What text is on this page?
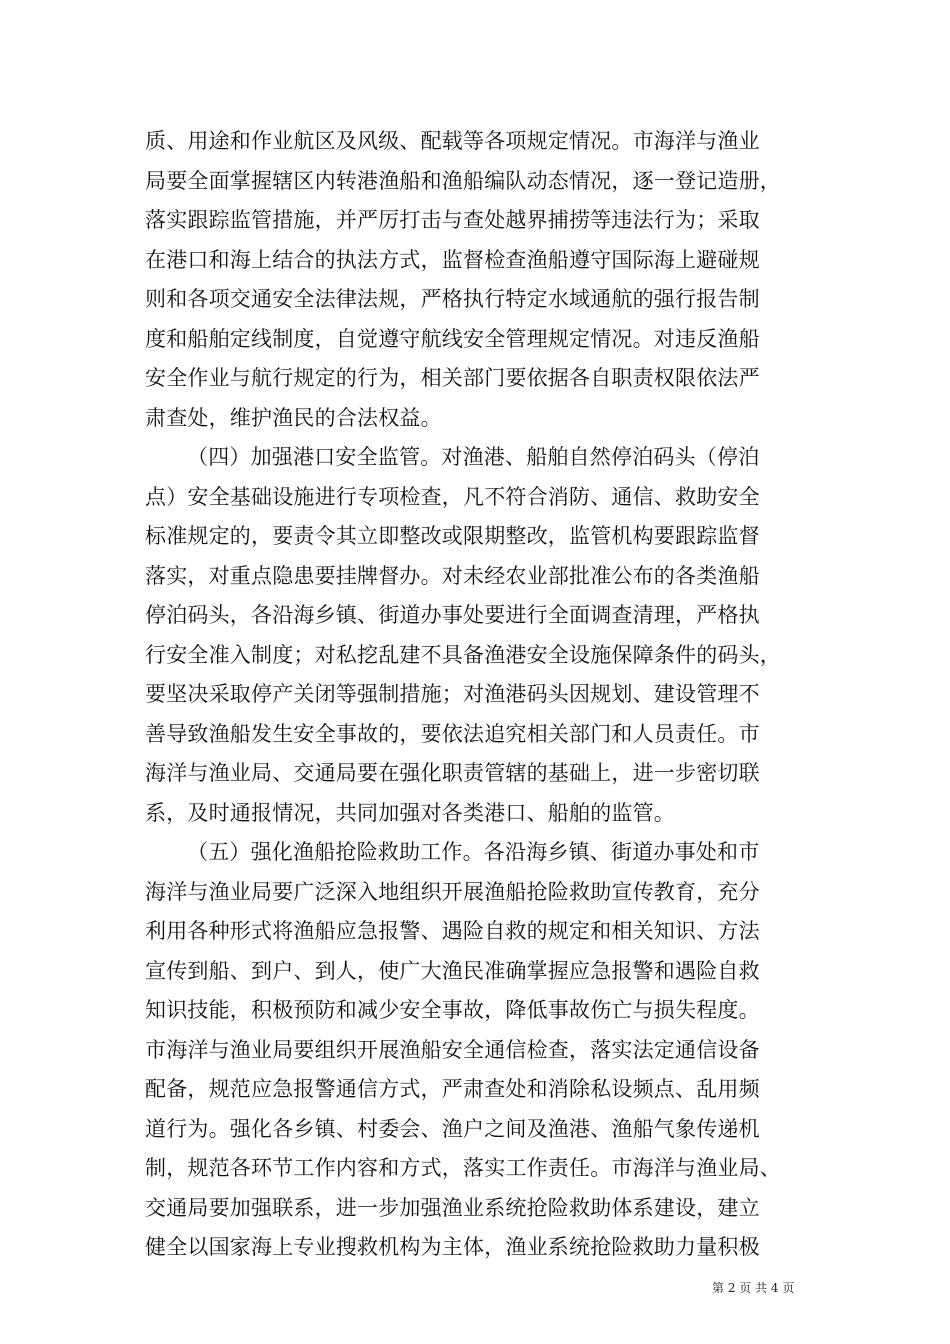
质、用途和作业航区及风级、配载等各项规定情况。市海洋与渔业
局要全面掌握辖区内转港渔船和渔船编队动态情况，逐一登记造册，
落实跟踪监管措施，并严厉打击与查处越界捕捞等违法行为；采取
在港口和海上结合的执法方式，监督检查渔船遵守国际海上避碰规
则和各项交通安全法律法规，严格执行特定水域通航的强行报告制
度和船舶定线制度，自觉遵守航线安全管理规定情况。对违反渔船
安全作业与航行规定的行为，相关部门要依据各自职责权限依法严
肃查处，维护渔民的合法权益。
（四）加强港口安全监管。对渔港、船舶自然停泊码头（停泊
点）安全基础设施进行专项检查，凡不符合消防、通信、救助安全
标准规定的，要责令其立即整改或限期整改，监管机构要跟踪监督
落实，对重点隐患要挂牌督办。对未经农业部批准公布的各类渔船
停泊码头，各沿海乡镇、街道办事处要进行全面调查清理，严格执
行安全准入制度；对私挖乱建不具备渔港安全设施保障条件的码头，
要坚决采取停产关闭等强制措施；对渔港码头因规划、建设管理不
善导致渔船发生安全事故的，要依法追究相关部门和人员责任。市
海洋与渔业局、交通局要在强化职责管辖的基础上，进一步密切联
系，及时通报情况，共同加强对各类港口、船舶的监管。
（五）强化渔船抢险救助工作。各沿海乡镇、街道办事处和市
海洋与渔业局要广泛深入地组织开展渔船抢险救助宣传教育，充分
利用各种形式将渔船应急报警、遇险自救的规定和相关知识、方法
宣传到船、到户、到人，使广大渔民准确掌握应急报警和遇险自救
知识技能，积极预防和减少安全事故，降低事故伤亡与损失程度。
市海洋与渔业局要组织开展渔船安全通信检查，落实法定通信设备
配备，规范应急报警通信方式，严肃查处和消除私设频点、乱用频
道行为。强化各乡镇、村委会、渔户之间及渔港、渔船气象传递机
制，规范各环节工作内容和方式，落实工作责任。市海洋与渔业局、
交通局要加强联系，进一步加强渔业系统抢险救助体系建设，建立
健全以国家海上专业搜救机构为主体，渔业系统抢险救助力量积极
第 2 页 共 4 页
